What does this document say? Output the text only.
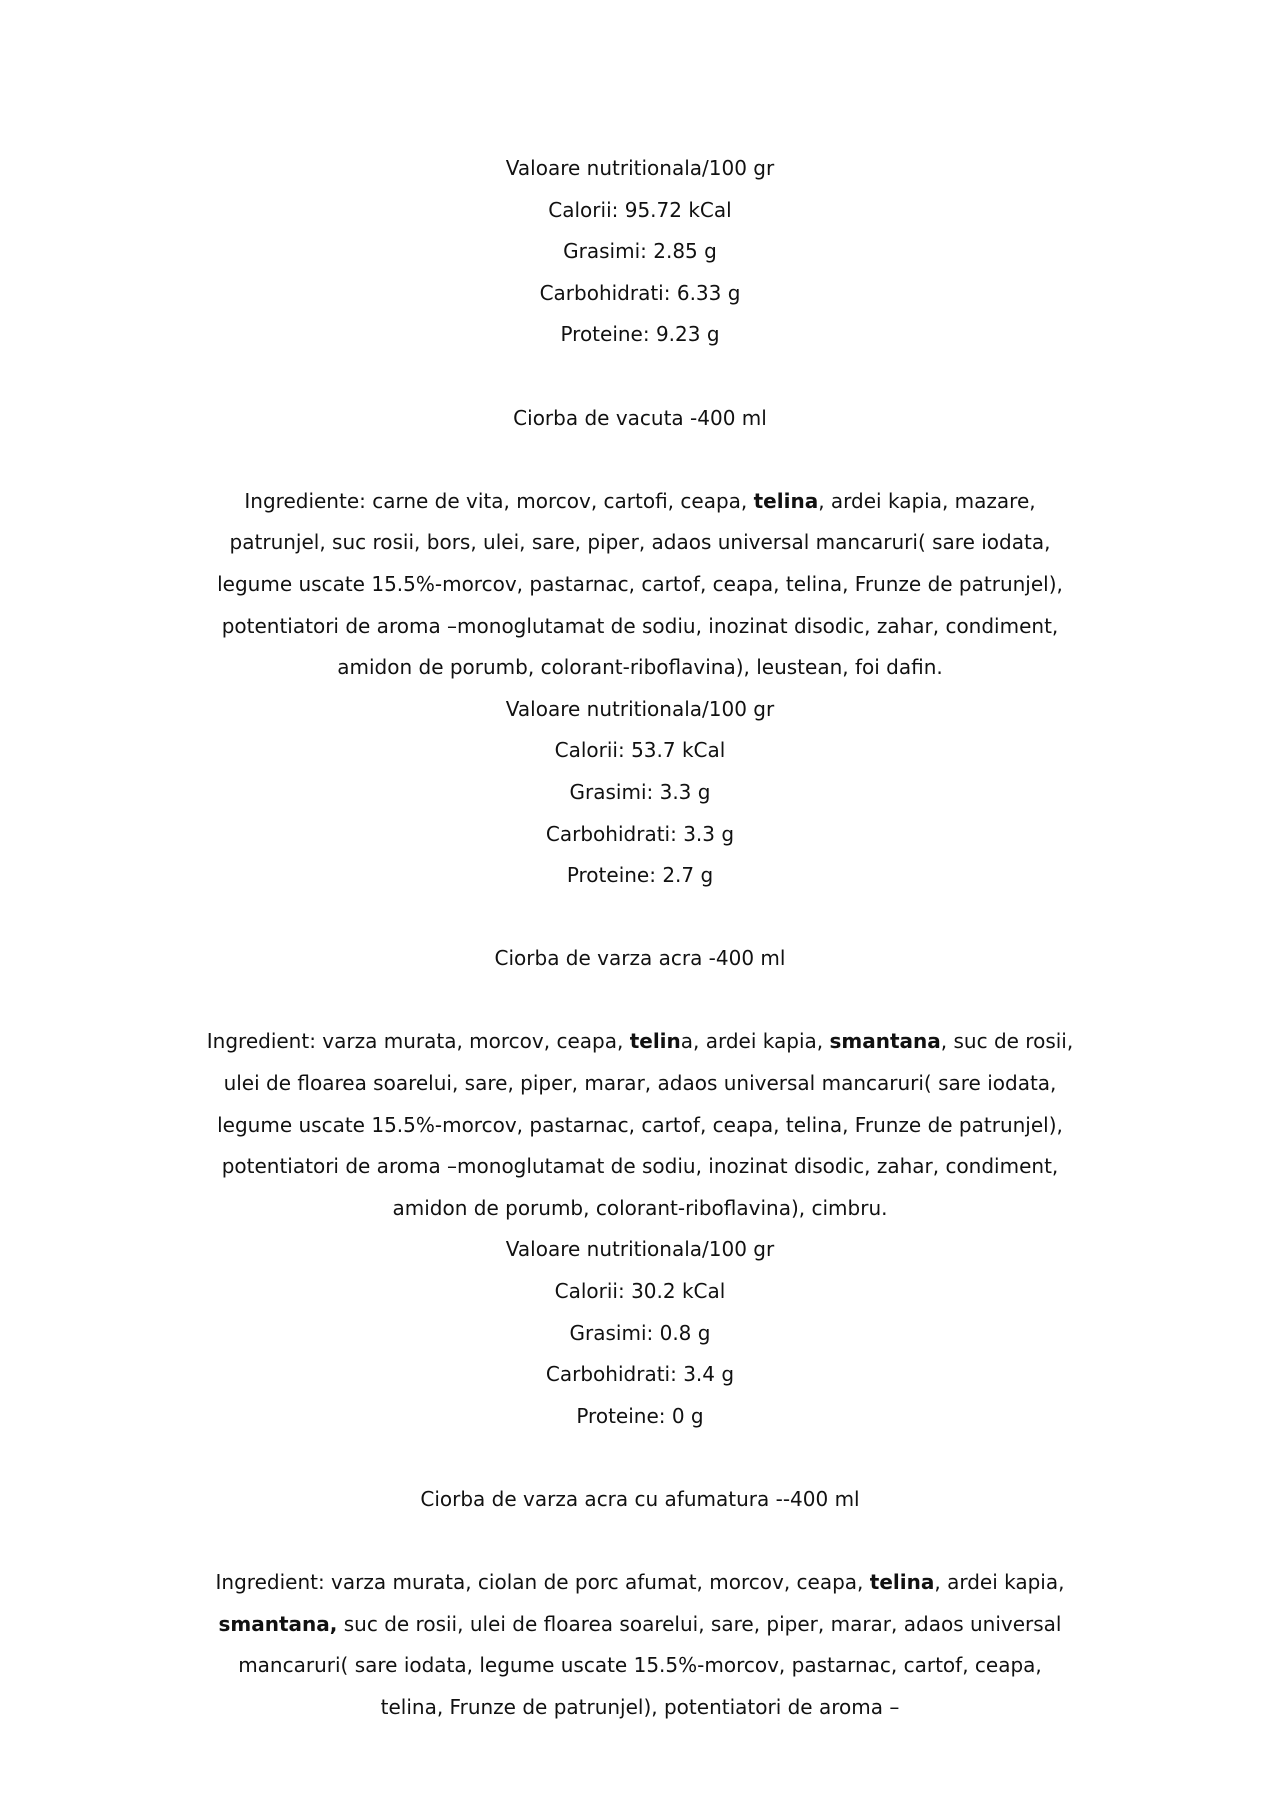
Valoare nutritionala/100 gr
Calorii: 95.72 kCal
Grasimi: 2.85 g
Carbohidrati: 6.33 g
Proteine: 9.23 g
Ciorba de vacuta -400 ml
Ingrediente: carne de vita, morcov, cartofi, ceapa, telina, ardei kapia, mazare,
patrunjel, suc rosii, bors, ulei, sare, piper, adaos universal mancaruri( sare iodata,
legume uscate 15.5%-morcov, pastarnac, cartof, ceapa, telina, Frunze de patrunjel),
potentiatori de aroma –monoglutamat de sodiu, inozinat disodic, zahar, condiment,
amidon de porumb, colorant-riboflavina), leustean, foi dafin.
Valoare nutritionala/100 gr
Calorii: 53.7 kCal
Grasimi: 3.3 g
Carbohidrati: 3.3 g
Proteine: 2.7 g
Ciorba de varza acra -400 ml
Ingredient: varza murata, morcov, ceapa, telina, ardei kapia, smantana, suc de rosii,
ulei de floarea soarelui, sare, piper, marar, adaos universal mancaruri( sare iodata,
legume uscate 15.5%-morcov, pastarnac, cartof, ceapa, telina, Frunze de patrunjel),
potentiatori de aroma –monoglutamat de sodiu, inozinat disodic, zahar, condiment,
amidon de porumb, colorant-riboflavina), cimbru.
Valoare nutritionala/100 gr
Calorii: 30.2 kCal
Grasimi: 0.8 g
Carbohidrati: 3.4 g
Proteine: 0 g
Ciorba de varza acra cu afumatura --400 ml
Ingredient: varza murata, ciolan de porc afumat, morcov, ceapa, telina, ardei kapia,
smantana, suc de rosii, ulei de floarea soarelui, sare, piper, marar, adaos universal
mancaruri( sare iodata, legume uscate 15.5%-morcov, pastarnac, cartof, ceapa,
telina, Frunze de patrunjel), potentiatori de aroma –
